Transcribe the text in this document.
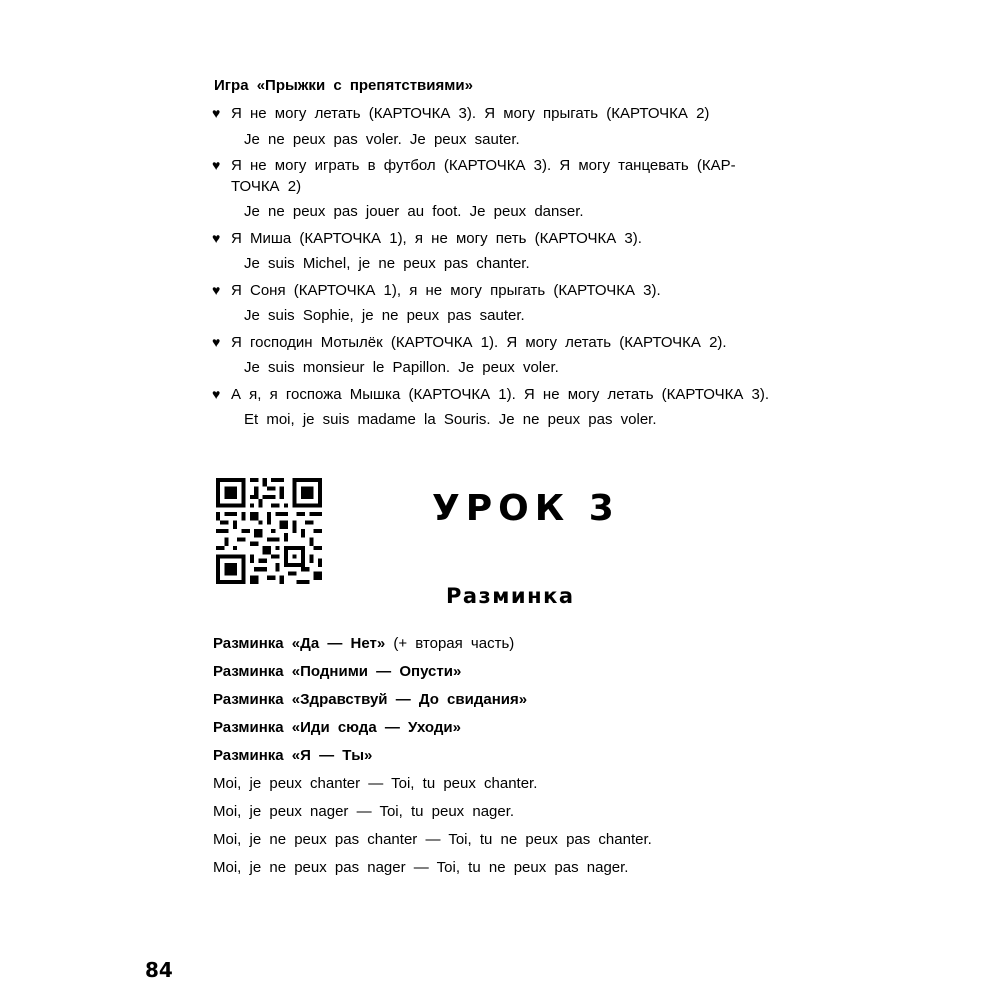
Игра «Прыжки с препятствиями»
♥ Я не могу летать (КАРТОЧКА 3). Я могу прыгать (КАРТОЧКА 2)
Je ne peux pas voler. Je peux sauter.
♥ Я не могу играть в футбол (КАРТОЧКА 3). Я могу танцевать (КАР-
ТОЧКА 2)
Je ne peux pas jouer au foot. Je peux danser.
♥ Я Миша (КАРТОЧКА 1), я не могу петь (КАРТОЧКА 3).
Je suis Michel, je ne peux pas chanter.
♥ Я Соня (КАРТОЧКА 1), я не могу прыгать (КАРТОЧКА 3).
Je suis Sophie, je ne peux pas sauter.
♥ Я господин Мотылёк (КАРТОЧКА 1). Я могу летать (КАРТОЧКА 2).
Je suis monsieur le Papillon. Je peux voler.
♥ А я, я госпожа Мышка (КАРТОЧКА 1). Я не могу летать (КАРТОЧКА 3).
Et moi, je suis madame la Souris. Je ne peux pas voler.
УРОК 3
Разминка
Разминка «Да — Нет» (+ вторая часть)
Разминка «Подними — Опусти»
Разминка «Здравствуй — До свидания»
Разминка «Иди сюда — Уходи»
Разминка «Я — Ты»
Moi, je peux chanter — Toi, tu peux chanter.
Moi, je peux nager — Toi, tu peux nager.
Moi, je ne peux pas chanter — Toi, tu ne peux pas chanter.
Moi, je ne peux pas nager — Toi, tu ne peux pas nager.
84
